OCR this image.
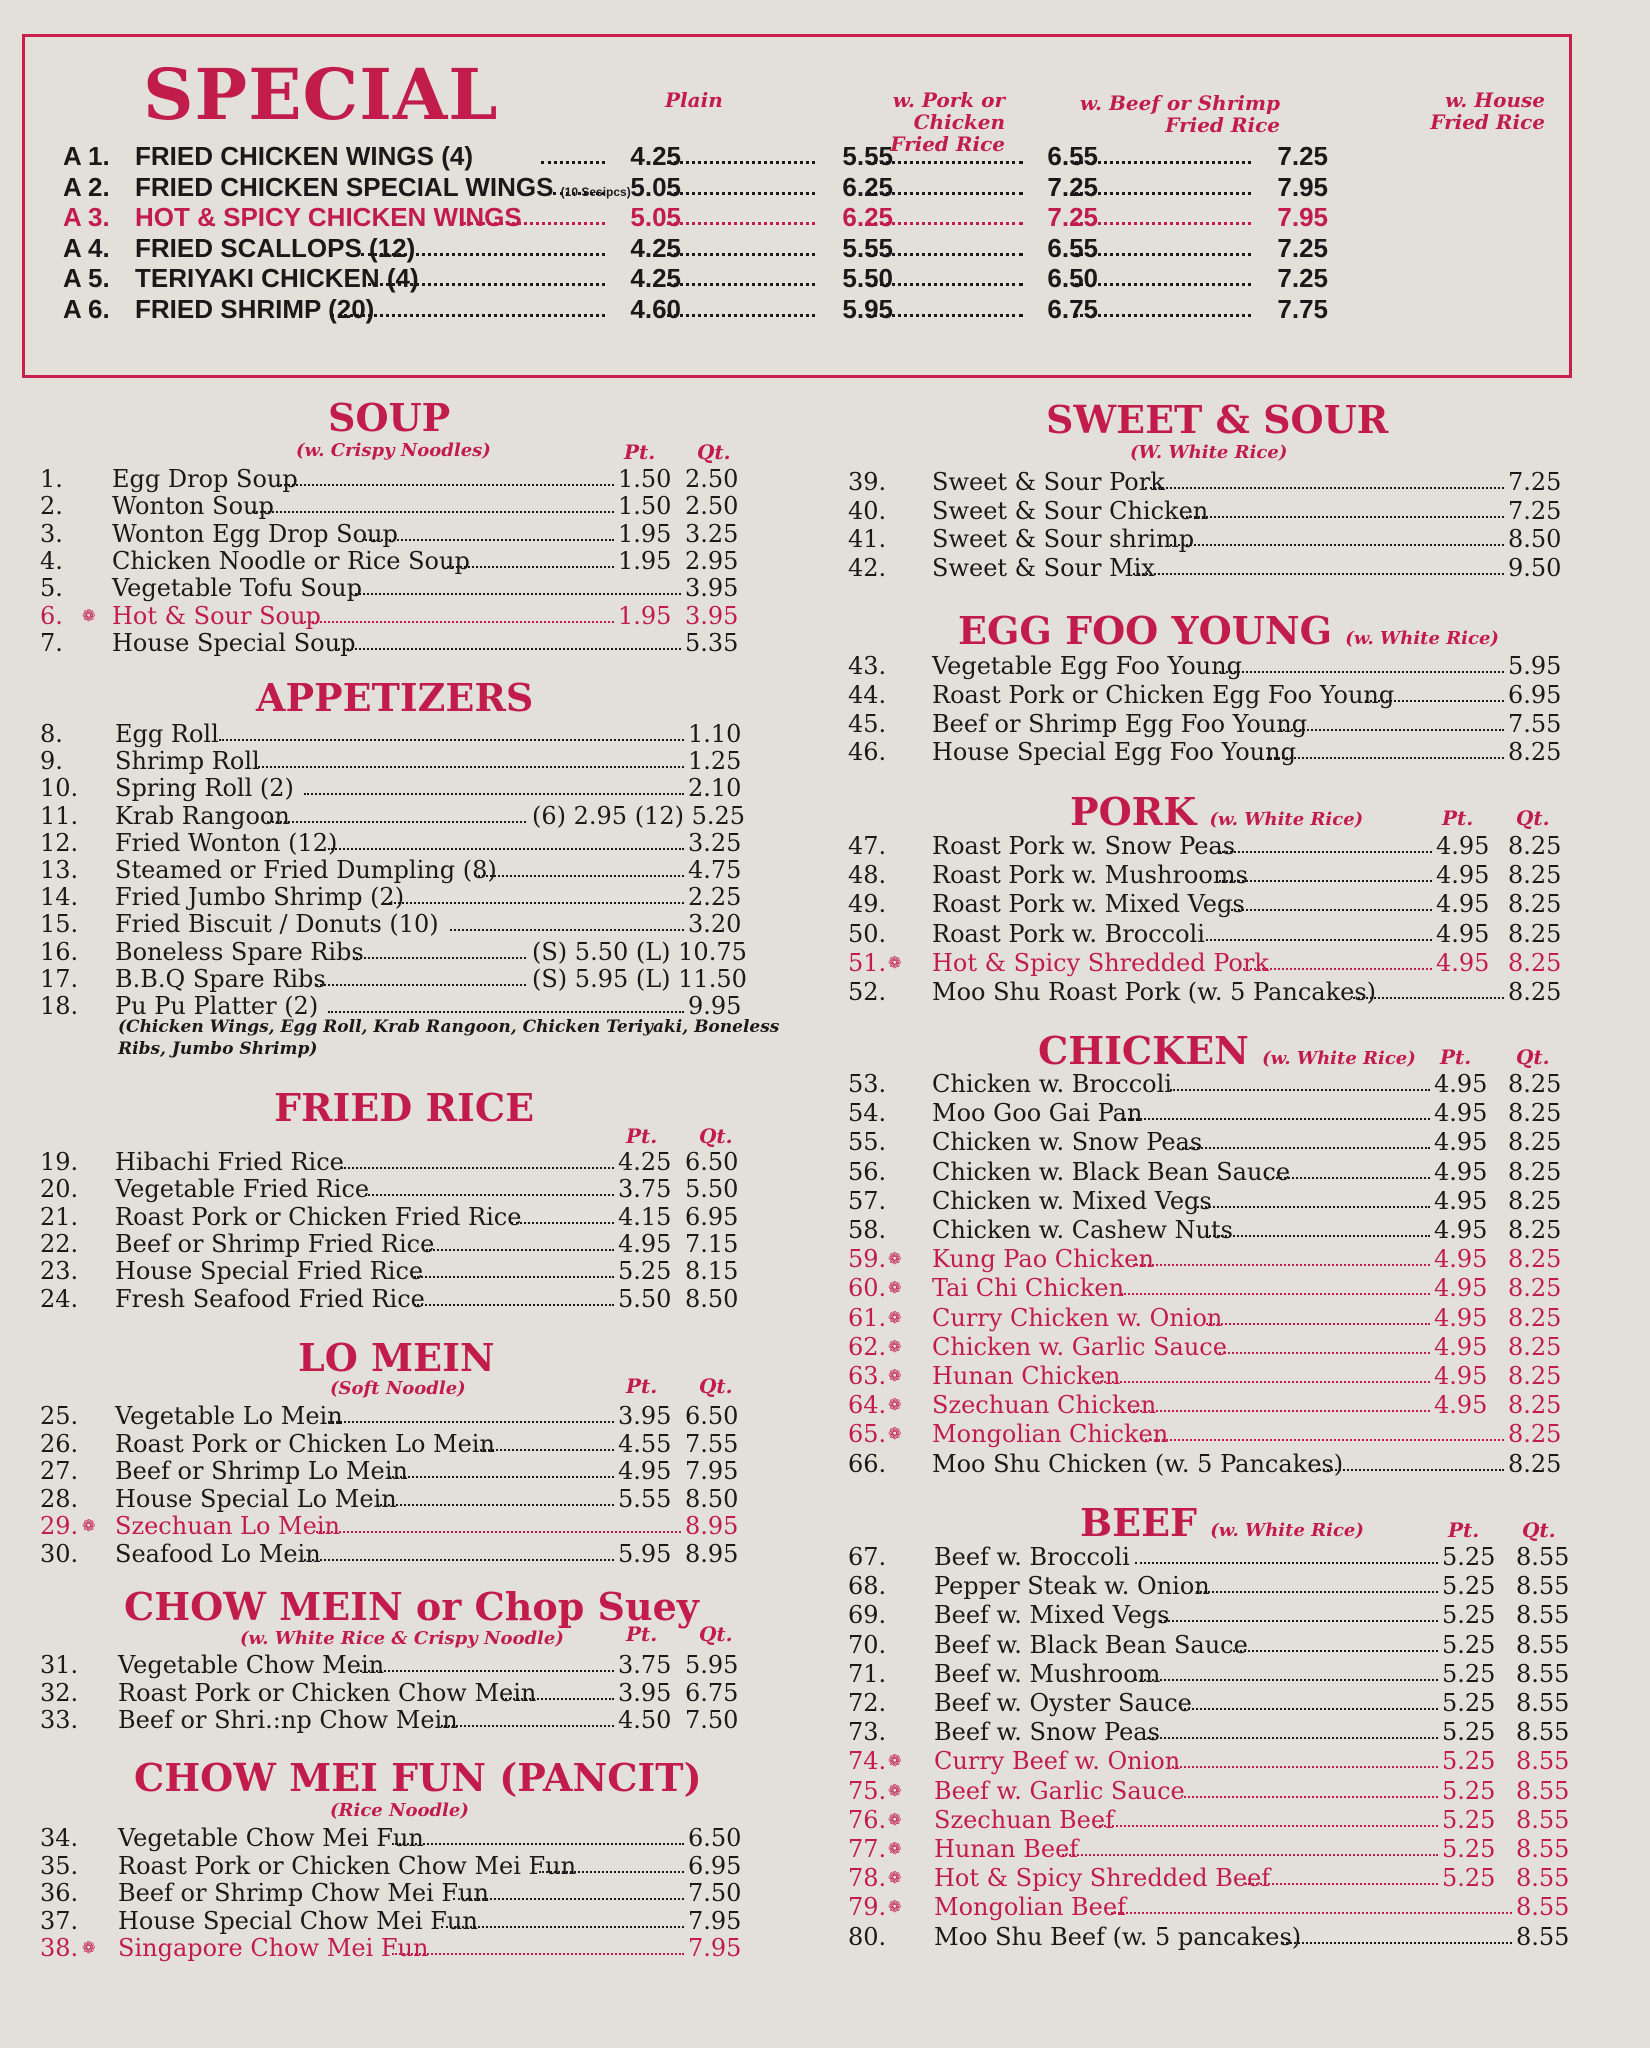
SPECIAL	Plain	w. Pork or Chicken
Fried Rice
w. Beef or Shrimp
Fried Rice
w. House
Fried Rice
A 1. FRIED CHICKEN WINGS (4)	4.25	5.55	6.55	7.25
A 2. FRIED CHICKEN SPECIAL WINGS (10 Sesipcs) 5.05	6.25	7.25	7.95
A 3. HOT & SPICY CHICKEN WINGS	5.05	6.25	7.25	7.95
A 4. FRIED SCALLOPS (12)	4.25	5.55	6.55	7.25
A 5. TERIYAKI CHICKEN (4)	4.25	5.50	6.50	7.25
A 6. FRIED SHRIMP (20)	4.60	5.95	6.75	7.75
SOUP
(w. Crispy Noodles)	Pt. Qt.
1. Egg Drop Soup	1.50 2.50
2. Wonton Soup	1.50 2.50
3. Wonton Egg Drop Soup	1.95 3.25
4. Chicken Noodle or Rice Soup	1.95 2.95
5. Vegetable Tofu Soup	3.95
6. ❁ Hot & Sour Soup	1.95 3.95
7. House Special Soup	5.35
APPETIZERS
8. Egg Roll	1.10
9. Shrimp Roll	1.25
10. Spring Roll (2)	2.10
11. Krab Rangoon	(6) 2.95 (12) 5.25
12. Fried Wonton (12)	3.25
13. Steamed or Fried Dumpling (8)	4.75
14. Fried Jumbo Shrimp (2)	2.25
15. Fried Biscuit / Donuts (10)	3.20
16. Boneless Spare Ribs	(S) 5.50 (L) 10.75
17. B.B.Q Spare Ribs	(S) 5.95 (L) 11.50
18. Pu Pu Platter (2)	9.95
(Chicken Wings, Egg Roll, Krab Rangoon, Chicken Teriyaki, Boneless
Ribs, Jumbo Shrimp)
FRIED RICE
Pt. Qt.
19. Hibachi Fried Rice	4.25 6.50
20. Vegetable Fried Rice	3.75 5.50
21. Roast Pork or Chicken Fried Rice	4.15 6.95
22. Beef or Shrimp Fried Rice	4.95 7.15
23. House Special Fried Rice	5.25 8.15
24. Fresh Seafood Fried Rice	5.50 8.50
LO MEIN
(Soft Noodle)	Pt. Qt.
25. Vegetable Lo Mein	3.95 6.50
26. Roast Pork or Chicken Lo Mein	4.55 7.55
27. Beef or Shrimp Lo Mein	4.95 7.95
28. House Special Lo Mein	5.55 8.50
29. ❁ Szechuan Lo Mein	8.95
30. Seafood Lo Mein	5.95 8.95
CHOW MEIN or Chop Suey
(w. White Rice & Crispy Noodle)	Pt. Qt.
31. Vegetable Chow Mein	3.75 5.95
32. Roast Pork or Chicken Chow Mein	3.95 6.75
33. Beef or Shri.:np Chow Mein	4.50 7.50
CHOW MEI FUN (PANCIT)
(Rice Noodle)
34. Vegetable Chow Mei Fun	6.50
35. Roast Pork or Chicken Chow Mei Fun	6.95
36. Beef or Shrimp Chow Mei Fun	7.50
37. House Special Chow Mei Fun	7.95
38. ❁ Singapore Chow Mei Fun	7.95
SWEET & SOUR
(W. White Rice)
39. Sweet & Sour Pork	7.25
40. Sweet & Sour Chicken	7.25
41. Sweet & Sour shrimp	8.50
42. Sweet & Sour Mix	9.50
EGG FOO YOUNG (w. White Rice)
43. Vegetable Egg Foo Young	5.95
44. Roast Pork or Chicken Egg Foo Young	6.95
45. Beef or Shrimp Egg Foo Young	7.55
46. House Special Egg Foo Young	8.25
PORK (w. White Rice)	Pt. Qt.
47. Roast Pork w. Snow Peas	4.95 8.25
48. Roast Pork w. Mushrooms	4.95 8.25
49. Roast Pork w. Mixed Vegs	4.95 8.25
50. Roast Pork w. Broccoli	4.95 8.25
51. ❁ Hot & Spicy Shredded Pork	4.95 8.25
52. Moo Shu Roast Pork (w. 5 Pancakes)	8.25
CHICKEN (w. White Rice) Pt. Qt.
53. Chicken w. Broccoli	4.95 8.25
54. Moo Goo Gai Pan	4.95 8.25
55. Chicken w. Snow Peas	4.95 8.25
56. Chicken w. Black Bean Sauce	4.95 8.25
57. Chicken w. Mixed Vegs	4.95 8.25
58. Chicken w. Cashew Nuts	4.95 8.25
59. ❁ Kung Pao Chicken	4.95 8.25
60. ❁ Tai Chi Chicken	4.95 8.25
61. ❁ Curry Chicken w. Onion	4.95 8.25
62. ❁ Chicken w. Garlic Sauce	4.95 8.25
63. ❁ Hunan Chicken	4.95 8.25
64. ❁ Szechuan Chicken	4.95 8.25
65. ❁ Mongolian Chicken	8.25
66. Moo Shu Chicken (w. 5 Pancakes)	8.25
BEEF (w. White Rice)	Pt. Qt.
67. Beef w. Broccoli	5.25 8.55
68. Pepper Steak w. Onion	5.25 8.55
69. Beef w. Mixed Vegs	5.25 8.55
70. Beef w. Black Bean Sauce	5.25 8.55
71. Beef w. Mushroom	5.25 8.55
72. Beef w. Oyster Sauce	5.25 8.55
73. Beef w. Snow Peas	5.25 8.55
74. ❁ Curry Beef w. Onion	5.25 8.55
75. ❁ Beef w. Garlic Sauce	5.25 8.55
76. ❁ Szechuan Beef	5.25 8.55
77. ❁ Hunan Beef	5.25 8.55
78. ❁ Hot & Spicy Shredded Beef	5.25 8.55
79. ❁ Mongolian Beef	8.55
80. Moo Shu Beef (w. 5 pancakes)	8.55
